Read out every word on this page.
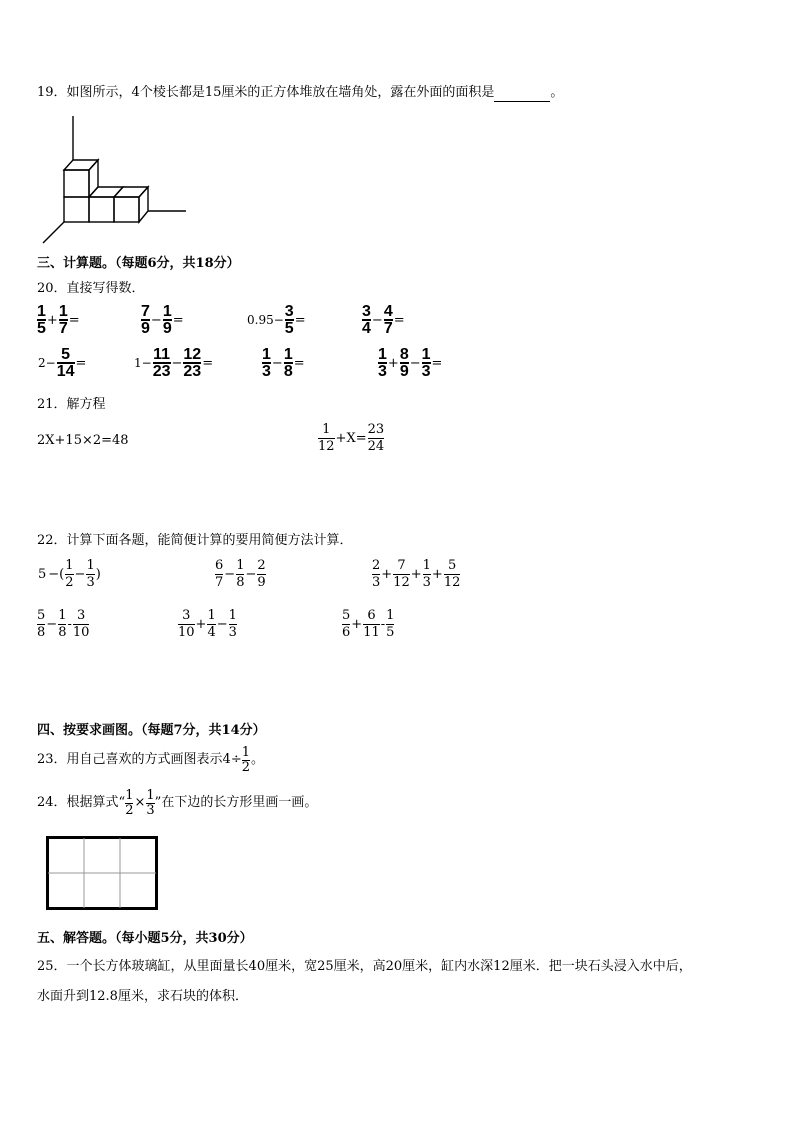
19．如图所示，4个棱长都是15厘米的正方体堆放在墙角处，露在外面的面积是	。
三、计算题。（每题6分，共18分）
20．直接写得数．
$\frac{1}{5} + \frac{1}{7}$ =	$\frac{7}{9} - \frac{1}{9}$ =	$0.95- \frac{3}{5}$ =	$\frac{3}{4} - \frac{4}{7}$ =
$2- \frac{5}{14}$ =	$1- \frac{11}{23} - \frac{12}{23}$ =	$\frac{1}{3} - \frac{1}{8}$ =	$\frac{1}{3} + \frac{8}{9} - \frac{1}{3}$ =
21．解方程
2X+15×2=48	$\frac{1}{12} +X= \frac{23}{24}$
22．计算下面各题，能简便计算的要用简便方法计算．
5 −( $\frac{1}{2} - \frac{1}{3}$ )	$\frac{6}{7} - \frac{1}{8} - \frac{2}{9}$	$\frac{2}{3} + \frac{7}{12} + \frac{1}{3} + \frac{5}{12}$
$\frac{5}{8} - \frac{1}{8} - \frac{3}{10}$	$\frac{3}{10} + \frac{1}{4} - \frac{1}{3}$	$\frac{5}{6} + \frac{6}{11} - \frac{1}{5}$
四、按要求画图。（每题7分，共14分）
23．用自己喜欢的方式画图表示$4\div \frac{1}{2}$ 。
24．根据算式“ $\frac{1}{2} \times \frac{1}{3}$ ”在下边的长方形里画一画。
五、解答题。（每小题5分，共30分）
25．一个长方体玻璃缸，从里面量长40厘米，宽25厘米，高20厘米，缸内水深12厘米．把一块石头浸入水中后，
水面升到12.8厘米，求石块的体积．
